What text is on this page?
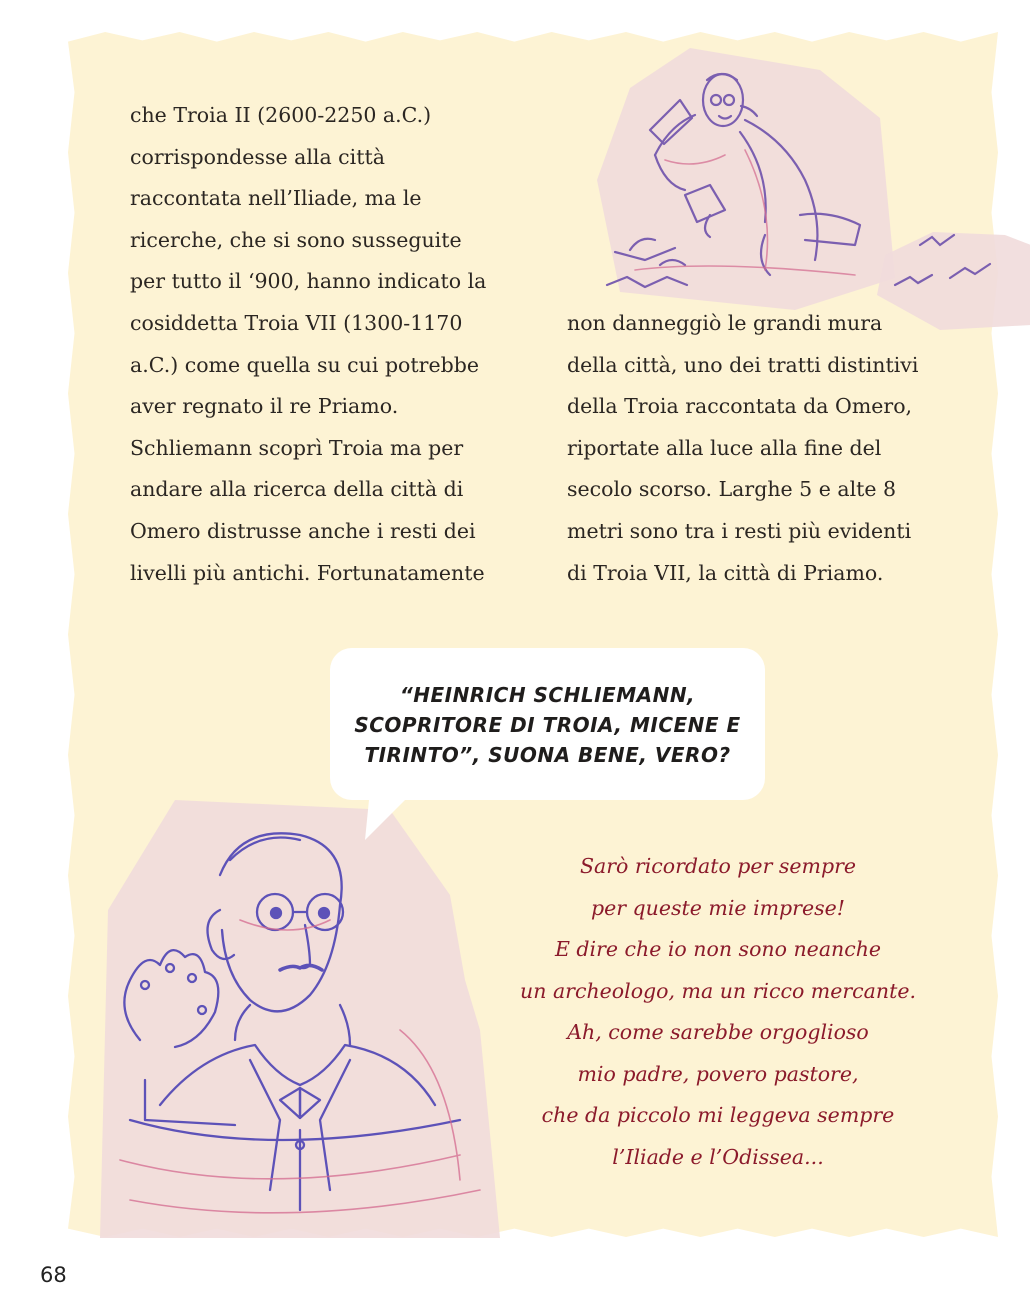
che Troia II (2600-2250 a.C.)
corrispondesse alla città
raccontata nell’Iliade, ma le
ricerche, che si sono susseguite
per tutto il ‘900, hanno indicato la
cosiddetta Troia VII (1300-1170
a.C.) come quella su cui potrebbe
aver regnato il re Priamo.
Schliemann scoprì Troia ma per
andare alla ricerca della città di
Omero distrusse anche i resti dei
livelli più antichi. Fortunatamente
non danneggiò le grandi mura
della città, uno dei tratti distintivi
della Troia raccontata da Omero,
riportate alla luce alla fine del
secolo scorso. Larghe 5 e alte 8
metri sono tra i resti più evidenti
di Troia VII, la città di Priamo.
“HEINRICH SCHLIEMANN,
SCOPRITORE DI TROIA, MICENE E
TIRINTO”, SUONA BENE, VERO?
Sarò ricordato per sempre
per queste mie imprese!
E dire che io non sono neanche
un archeologo, ma un ricco mercante.
Ah, come sarebbe orgoglioso
mio padre, povero pastore,
che da piccolo mi leggeva sempre
l’Iliade e l’Odissea...
68
